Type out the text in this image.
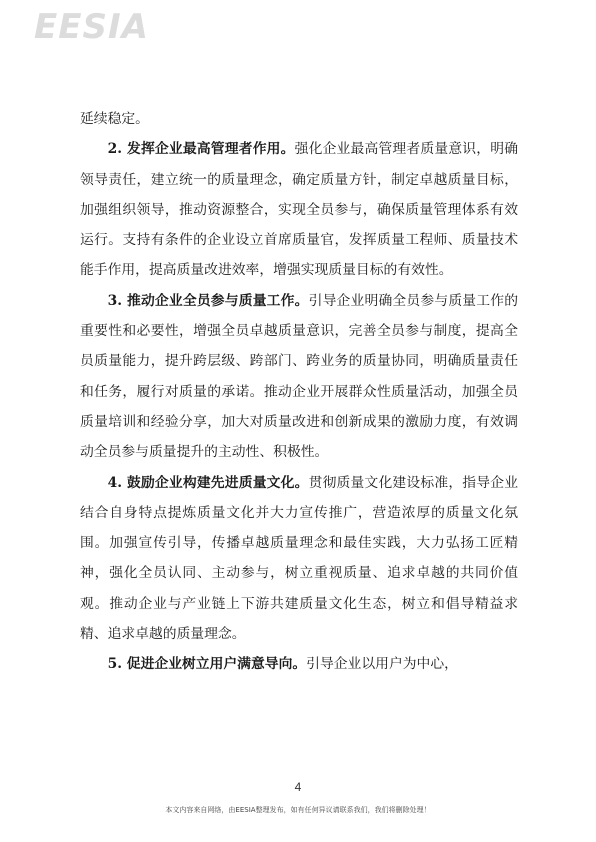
EESIA

延续稳定。

2. 发挥企业最高管理者作用。强化企业最高管理者质量意识，明确领导责任，建立统一的质量理念，确定质量方针，制定卓越质量目标，加强组织领导，推动资源整合，实现全员参与，确保质量管理体系有效运行。支持有条件的企业设立首席质量官，发挥质量工程师、质量技术能手作用，提高质量改进效率，增强实现质量目标的有效性。

3. 推动企业全员参与质量工作。引导企业明确全员参与质量工作的重要性和必要性，增强全员卓越质量意识，完善全员参与制度，提高全员质量能力，提升跨层级、跨部门、跨业务的质量协同，明确质量责任和任务，履行对质量的承诺。推动企业开展群众性质量活动，加强全员质量培训和经验分享，加大对质量改进和创新成果的激励力度，有效调动全员参与质量提升的主动性、积极性。

4. 鼓励企业构建先进质量文化。贯彻质量文化建设标准，指导企业结合自身特点提炼质量文化并大力宣传推广，营造浓厚的质量文化氛围。加强宣传引导，传播卓越质量理念和最佳实践，大力弘扬工匠精神，强化全员认同、主动参与，树立重视质量、追求卓越的共同价值观。推动企业与产业链上下游共建质量文化生态，树立和倡导精益求精、追求卓越的质量理念。

5. 促进企业树立用户满意导向。引导企业以用户为中心，

4
本文内容来自网络，由EESIA整理发布，如有任何异议请联系我们，我们将删除处理！
